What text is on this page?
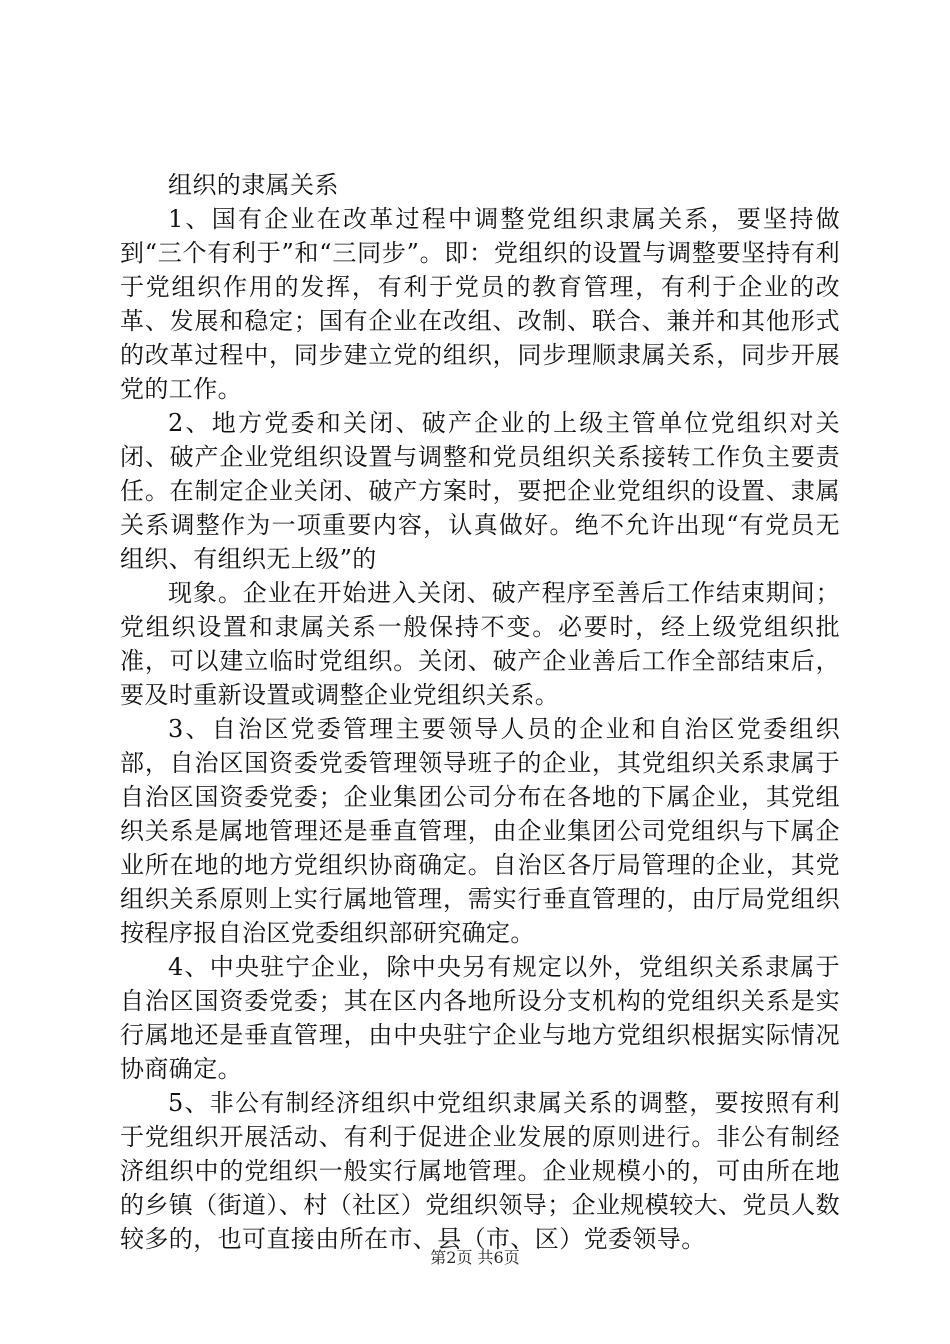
组织的隶属关系

1、国有企业在改革过程中调整党组织隶属关系，要坚持做到“三个有利于”和“三同步”。即：党组织的设置与调整要坚持有利于党组织作用的发挥，有利于党员的教育管理，有利于企业的改革、发展和稳定；国有企业在改组、改制、联合、兼并和其他形式的改革过程中，同步建立党的组织，同步理顺隶属关系，同步开展党的工作。

2、地方党委和关闭、破产企业的上级主管单位党组织对关闭、破产企业党组织设置与调整和党员组织关系接转工作负主要责任。在制定企业关闭、破产方案时，要把企业党组织的设置、隶属关系调整作为一项重要内容，认真做好。绝不允许出现“有党员无组织、有组织无上级”的

现象。企业在开始进入关闭、破产程序至善后工作结束期间；党组织设置和隶属关系一般保持不变。必要时，经上级党组织批准，可以建立临时党组织。关闭、破产企业善后工作全部结束后，要及时重新设置或调整企业党组织关系。

3、自治区党委管理主要领导人员的企业和自治区党委组织部，自治区国资委党委管理领导班子的企业，其党组织关系隶属于自治区国资委党委；企业集团公司分布在各地的下属企业，其党组织关系是属地管理还是垂直管理，由企业集团公司党组织与下属企业所在地的地方党组织协商确定。自治区各厅局管理的企业，其党组织关系原则上实行属地管理，需实行垂直管理的，由厅局党组织按程序报自治区党委组织部研究确定。

4、中央驻宁企业，除中央另有规定以外，党组织关系隶属于自治区国资委党委；其在区内各地所设分支机构的党组织关系是实行属地还是垂直管理，由中央驻宁企业与地方党组织根据实际情况协商确定。

5、非公有制经济组织中党组织隶属关系的调整，要按照有利于党组织开展活动、有利于促进企业发展的原则进行。非公有制经济组织中的党组织一般实行属地管理。企业规模小的，可由所在地的乡镇（街道）、村（社区）党组织领导；企业规模较大、党员人数较多的，也可直接由所在市、县（市、区）党委领导。

第2页 共6页
